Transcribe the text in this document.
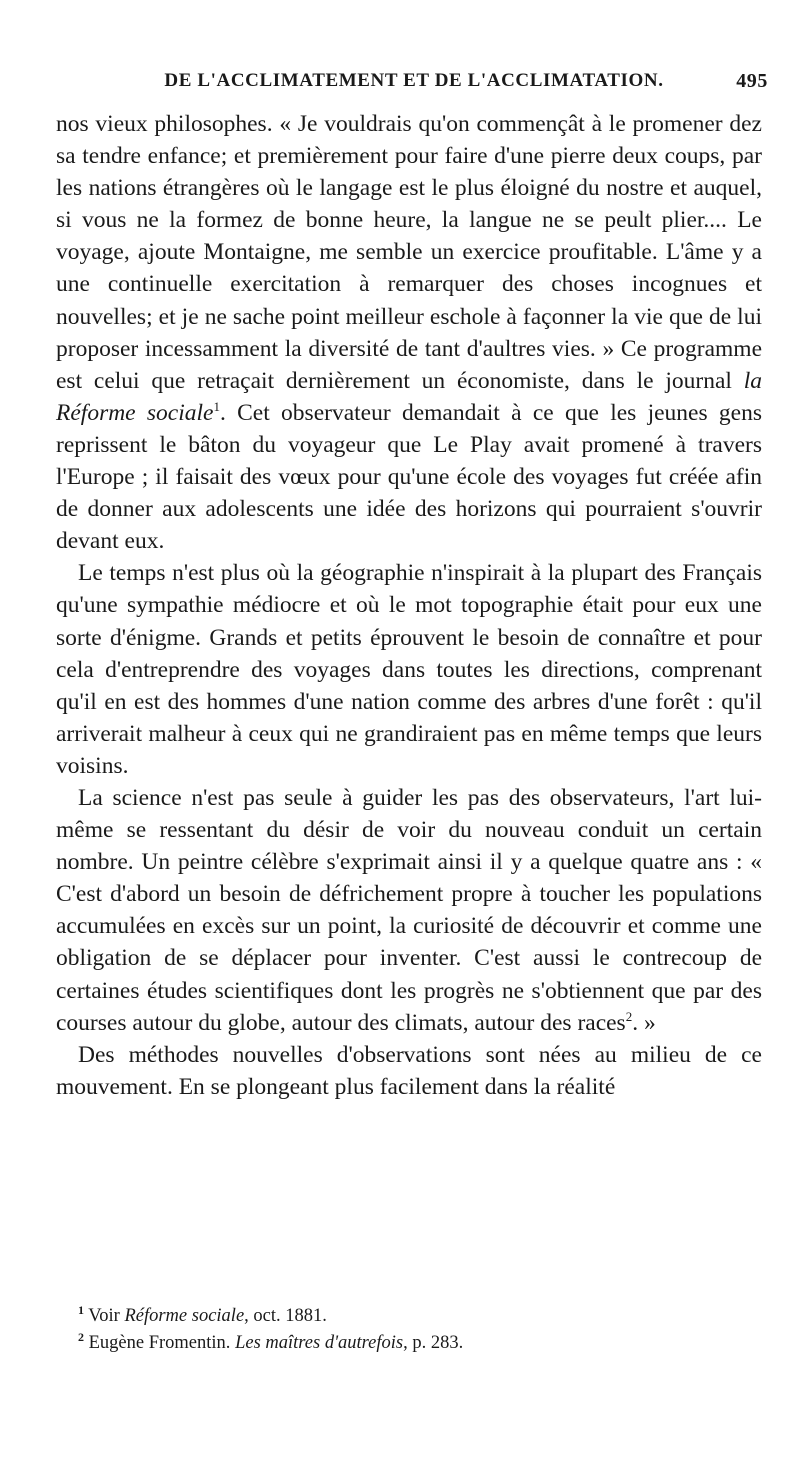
DE L'ACCLIMATEMENT ET DE L'ACCLIMATATION.	495

nos vieux philosophes. « Je vouldrais qu'on commençât à le promener dez sa tendre enfance; et premièrement pour faire d'une pierre deux coups, par les nations étrangères où le langage est le plus éloigné du nostre et auquel, si vous ne la formez de bonne heure, la langue ne se peult plier.... Le voyage, ajoute Montaigne, me semble un exercice proufitable. L'âme y a une continuelle exercitation à remarquer des choses incognues et nouvelles; et je ne sache point meilleur eschole à façonner la vie que de lui proposer incessamment la diversité de tant d'aultres vies. » Ce programme est celui que retraçait dernièrement un économiste, dans le journal la Réforme sociale$^1$. Cet observateur demandait à ce que les jeunes gens reprissent le bâton du voyageur que Le Play avait promené à travers l'Europe ; il faisait des vœux pour qu'une école des voyages fut créée afin de donner aux adolescents une idée des horizons qui pourraient s'ouvrir devant eux.

Le temps n'est plus où la géographie n'inspirait à la plupart des Français qu'une sympathie médiocre et où le mot topographie était pour eux une sorte d'énigme. Grands et petits éprouvent le besoin de connaître et pour cela d'entreprendre des voyages dans toutes les directions, comprenant qu'il en est des hommes d'une nation comme des arbres d'une forêt : qu'il arriverait malheur à ceux qui ne grandiraient pas en même temps que leurs voisins.

La science n'est pas seule à guider les pas des observateurs, l'art lui-même se ressentant du désir de voir du nouveau conduit un certain nombre. Un peintre célèbre s'exprimait ainsi il y a quelque quatre ans : « C'est d'abord un besoin de défrichement propre à toucher les populations accumulées en excès sur un point, la curiosité de découvrir et comme une obligation de se déplacer pour inventer. C'est aussi le contrecoup de certaines études scientifiques dont les progrès ne s'obtiennent que par des courses autour du globe, autour des climats, autour des races$^2$. »

Des méthodes nouvelles d'observations sont nées au milieu de ce mouvement. En se plongeant plus facilement dans la réalité

$^1$ Voir Réforme sociale, oct. 1881.

$^2$ Eugène Fromentin. Les maîtres d'autrefois, p. 283.
